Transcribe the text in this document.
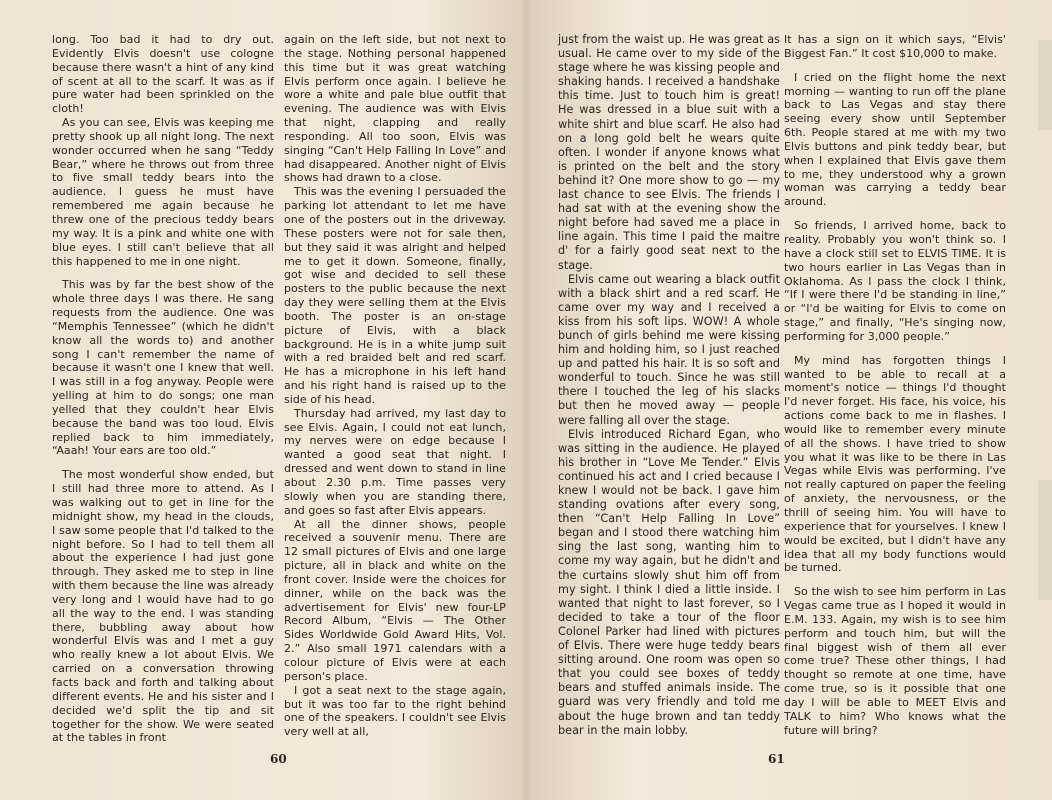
long. Too bad it had to dry out. Evidently Elvis doesn't use cologne because there wasn't a hint of any kind of scent at all to the scarf. It was as if pure water had been sprinkled on the cloth!

As you can see, Elvis was keeping me pretty shook up all night long. The next wonder occurred when he sang “Teddy Bear,” where he throws out from three to five small teddy bears into the audience. I guess he must have remembered me again because he threw one of the precious teddy bears my way. It is a pink and white one with blue eyes. I still can't believe that all this happened to me in one night.

This was by far the best show of the whole three days I was there. He sang requests from the audience. One was “Memphis Tennessee” (which he didn't know all the words to) and another song I can't remember the name of because it wasn't one I knew that well. I was still in a fog anyway. People were yelling at him to do songs; one man yelled that they couldn't hear Elvis because the band was too loud. Elvis replied back to him immediately, “Aaah! Your ears are too old.”

The most wonderful show ended, but I still had three more to attend. As I was walking out to get in line for the midnight show, my head in the clouds, I saw some people that I'd talked to the night before. So I had to tell them all about the experience I had just gone through. They asked me to step in line with them because the line was already very long and I would have had to go all the way to the end. I was standing there, bubbling away about how wonderful Elvis was and I met a guy who really knew a lot about Elvis. We carried on a conversation throwing facts back and forth and talking about different events. He and his sister and I decided we'd split the tip and sit together for the show. We were seated at the tables in front

again on the left side, but not next to the stage. Nothing personal happened this time but it was great watching Elvis perform once again. I believe he wore a white and pale blue outfit that evening. The audience was with Elvis that night, clapping and really responding. All too soon, Elvis was singing “Can't Help Falling In Love” and had disappeared. Another night of Elvis shows had drawn to a close.

This was the evening I persuaded the parking lot attendant to let me have one of the posters out in the driveway. These posters were not for sale then, but they said it was alright and helped me to get it down. Someone, finally, got wise and decided to sell these posters to the public because the next day they were selling them at the Elvis booth. The poster is an on-stage picture of Elvis, with a black background. He is in a white jump suit with a red braided belt and red scarf. He has a microphone in his left hand and his right hand is raised up to the side of his head.

Thursday had arrived, my last day to see Elvis. Again, I could not eat lunch, my nerves were on edge because I wanted a good seat that night. I dressed and went down to stand in line about 2.30 p.m. Time passes very slowly when you are standing there, and goes so fast after Elvis appears.

At all the dinner shows, people received a souvenir menu. There are 12 small pictures of Elvis and one large picture, all in black and white on the front cover. Inside were the choices for dinner, while on the back was the advertisement for Elvis' new four-LP Record Album, “Elvis — The Other Sides Worldwide Gold Award Hits, Vol. 2.” Also small 1971 calendars with a colour picture of Elvis were at each person's place.

I got a seat next to the stage again, but it was too far to the right behind one of the speakers. I couldn't see Elvis very well at all,

60

just from the waist up. He was great as usual. He came over to my side of the stage where he was kissing people and shaking hands. I received a handshake this time. Just to touch him is great! He was dressed in a blue suit with a white shirt and blue scarf. He also had on a long gold belt he wears quite often. I wonder if anyone knows what is printed on the belt and the story behind it? One more show to go — my last chance to see Elvis. The friends I had sat with at the evening show the night before had saved me a place in line again. This time I paid the maitre d' for a fairly good seat next to the stage.

Elvis came out wearing a black outfit with a black shirt and a red scarf. He came over my way and I received a kiss from his soft lips. WOW! A whole bunch of girls behind me were kissing him and holding him, so I just reached up and patted his hair. It is so soft and wonderful to touch. Since he was still there I touched the leg of his slacks but then he moved away — people were falling all over the stage.

Elvis introduced Richard Egan, who was sitting in the audience. He played his brother in “Love Me Tender.” Elvis continued his act and I cried because I knew I would not be back. I gave him standing ovations after every song, then “Can't Help Falling In Love” began and I stood there watching him sing the last song, wanting him to come my way again, but he didn't and the curtains slowly shut him off from my sight. I think I died a little inside. I wanted that night to last forever, so I decided to take a tour of the floor Colonel Parker had lined with pictures of Elvis. There were huge teddy bears sitting around. One room was open so that you could see boxes of teddy bears and stuffed animals inside. The guard was very friendly and told me about the huge brown and tan teddy bear in the main lobby.

It has a sign on it which says, “Elvis' Biggest Fan.” It cost $10,000 to make.

I cried on the flight home the next morning — wanting to run off the plane back to Las Vegas and stay there seeing every show until September 6th. People stared at me with my two Elvis buttons and pink teddy bear, but when I explained that Elvis gave them to me, they understood why a grown woman was carrying a teddy bear around.

So friends, I arrived home, back to reality. Probably you won't think so. I have a clock still set to ELVIS TIME. It is two hours earlier in Las Vegas than in Oklahoma. As I pass the clock I think, “If I were there I'd be standing in line,” or “I'd be waiting for Elvis to come on stage,” and finally, “He's singing now, performing for 3,000 people.”

My mind has forgotten things I wanted to be able to recall at a moment's notice — things I'd thought I'd never forget. His face, his voice, his actions come back to me in flashes. I would like to remember every minute of all the shows. I have tried to show you what it was like to be there in Las Vegas while Elvis was performing. I've not really captured on paper the feeling of anxiety, the nervousness, or the thrill of seeing him. You will have to experience that for yourselves. I knew I would be excited, but I didn't have any idea that all my body functions would be turned.

So the wish to see him perform in Las Vegas came true as I hoped it would in E.M. 133. Again, my wish is to see him perform and touch him, but will the final biggest wish of them all ever come true? These other things, I had thought so remote at one time, have come true, so is it possible that one day I will be able to MEET Elvis and TALK to him? Who knows what the future will bring?

61
